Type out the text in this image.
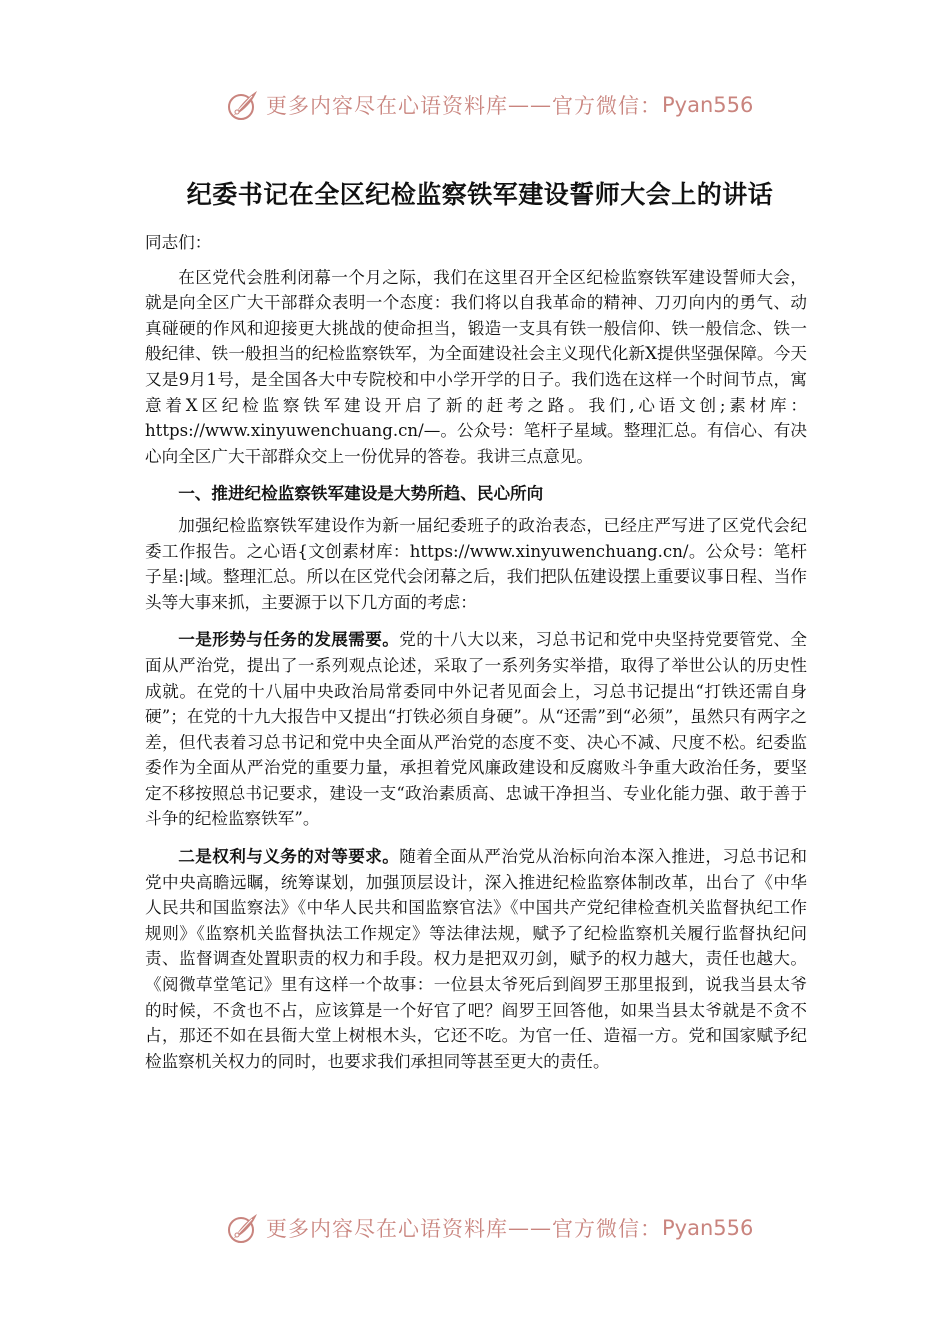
更多内容尽在心语资料库 —— 官方微信： Pyan556
纪委书记在全区纪检监察铁军建设誓师大会上的讲话

同志们：

在区党代会胜利闭幕一个月之际，我们在这里召开全区纪检监察铁军建设誓师大会，就是向全区广大干部群众表明一个态度：我们将以自我革命的精神、刀刃向内的勇气、动真碰硬的作风和迎接更大挑战的使命担当，锻造一支具有铁一般信仰、铁一般信念、铁一般纪律、铁一般担当的纪检监察铁军，为全面建设社会主义现代化新X提供坚强保障。今天又是9月1号，是全国各大中专院校和中小学开学的日子。我们选在这样一个时间节点，寓意着X区纪检监察铁军建设开启了新的赶考之路。我们,心语文创;素材库：https://www.xinyuwenchuang.cn/—。公众号：笔杆子星域。整理汇总。有信心、有决心向全区广大干部群众交上一份优异的答卷。我讲三点意见。

一、推进纪检监察铁军建设是大势所趋、民心所向

加强纪检监察铁军建设作为新一届纪委班子的政治表态，已经庄严写进了区党代会纪委工作报告。之心语{文创素材库：https://www.xinyuwenchuang.cn/。公众号：笔杆子星:|域。整理汇总。所以在区党代会闭幕之后，我们把队伍建设摆上重要议事日程、当作头等大事来抓，主要源于以下几方面的考虑：

一是形势与任务的发展需要。党的十八大以来，习总书记和党中央坚持党要管党、全面从严治党，提出了一系列观点论述，采取了一系列务实举措，取得了举世公认的历史性成就。在党的十八届中央政治局常委同中外记者见面会上，习总书记提出“打铁还需自身硬”；在党的十九大报告中又提出“打铁必须自身硬”。从“还需”到“必须”，虽然只有两字之差，但代表着习总书记和党中央全面从严治党的态度不变、决心不减、尺度不松。纪委监委作为全面从严治党的重要力量，承担着党风廉政建设和反腐败斗争重大政治任务，要坚定不移按照总书记要求，建设一支“政治素质高、忠诚干净担当、专业化能力强、敢于善于斗争的纪检监察铁军”。

二是权利与义务的对等要求。随着全面从严治党从治标向治本深入推进，习总书记和党中央高瞻远瞩，统筹谋划，加强顶层设计，深入推进纪检监察体制改革，出台了《中华人民共和国监察法》《中华人民共和国监察官法》《中国共产党纪律检查机关监督执纪工作规则》《监察机关监督执法工作规定》等法律法规，赋予了纪检监察机关履行监督执纪问责、监督调查处置职责的权力和手段。权力是把双刃剑，赋予的权力越大，责任也越大。《阅微草堂笔记》里有这样一个故事：一位县太爷死后到阎罗王那里报到，说我当县太爷的时候，不贪也不占，应该算是一个好官了吧？阎罗王回答他，如果当县太爷就是不贪不占，那还不如在县衙大堂上树根木头，它还不吃。为官一任、造福一方。党和国家赋予纪检监察机关权力的同时，也要求我们承担同等甚至更大的责任。

更多内容尽在心语资料库 —— 官方微信： Pyan556
